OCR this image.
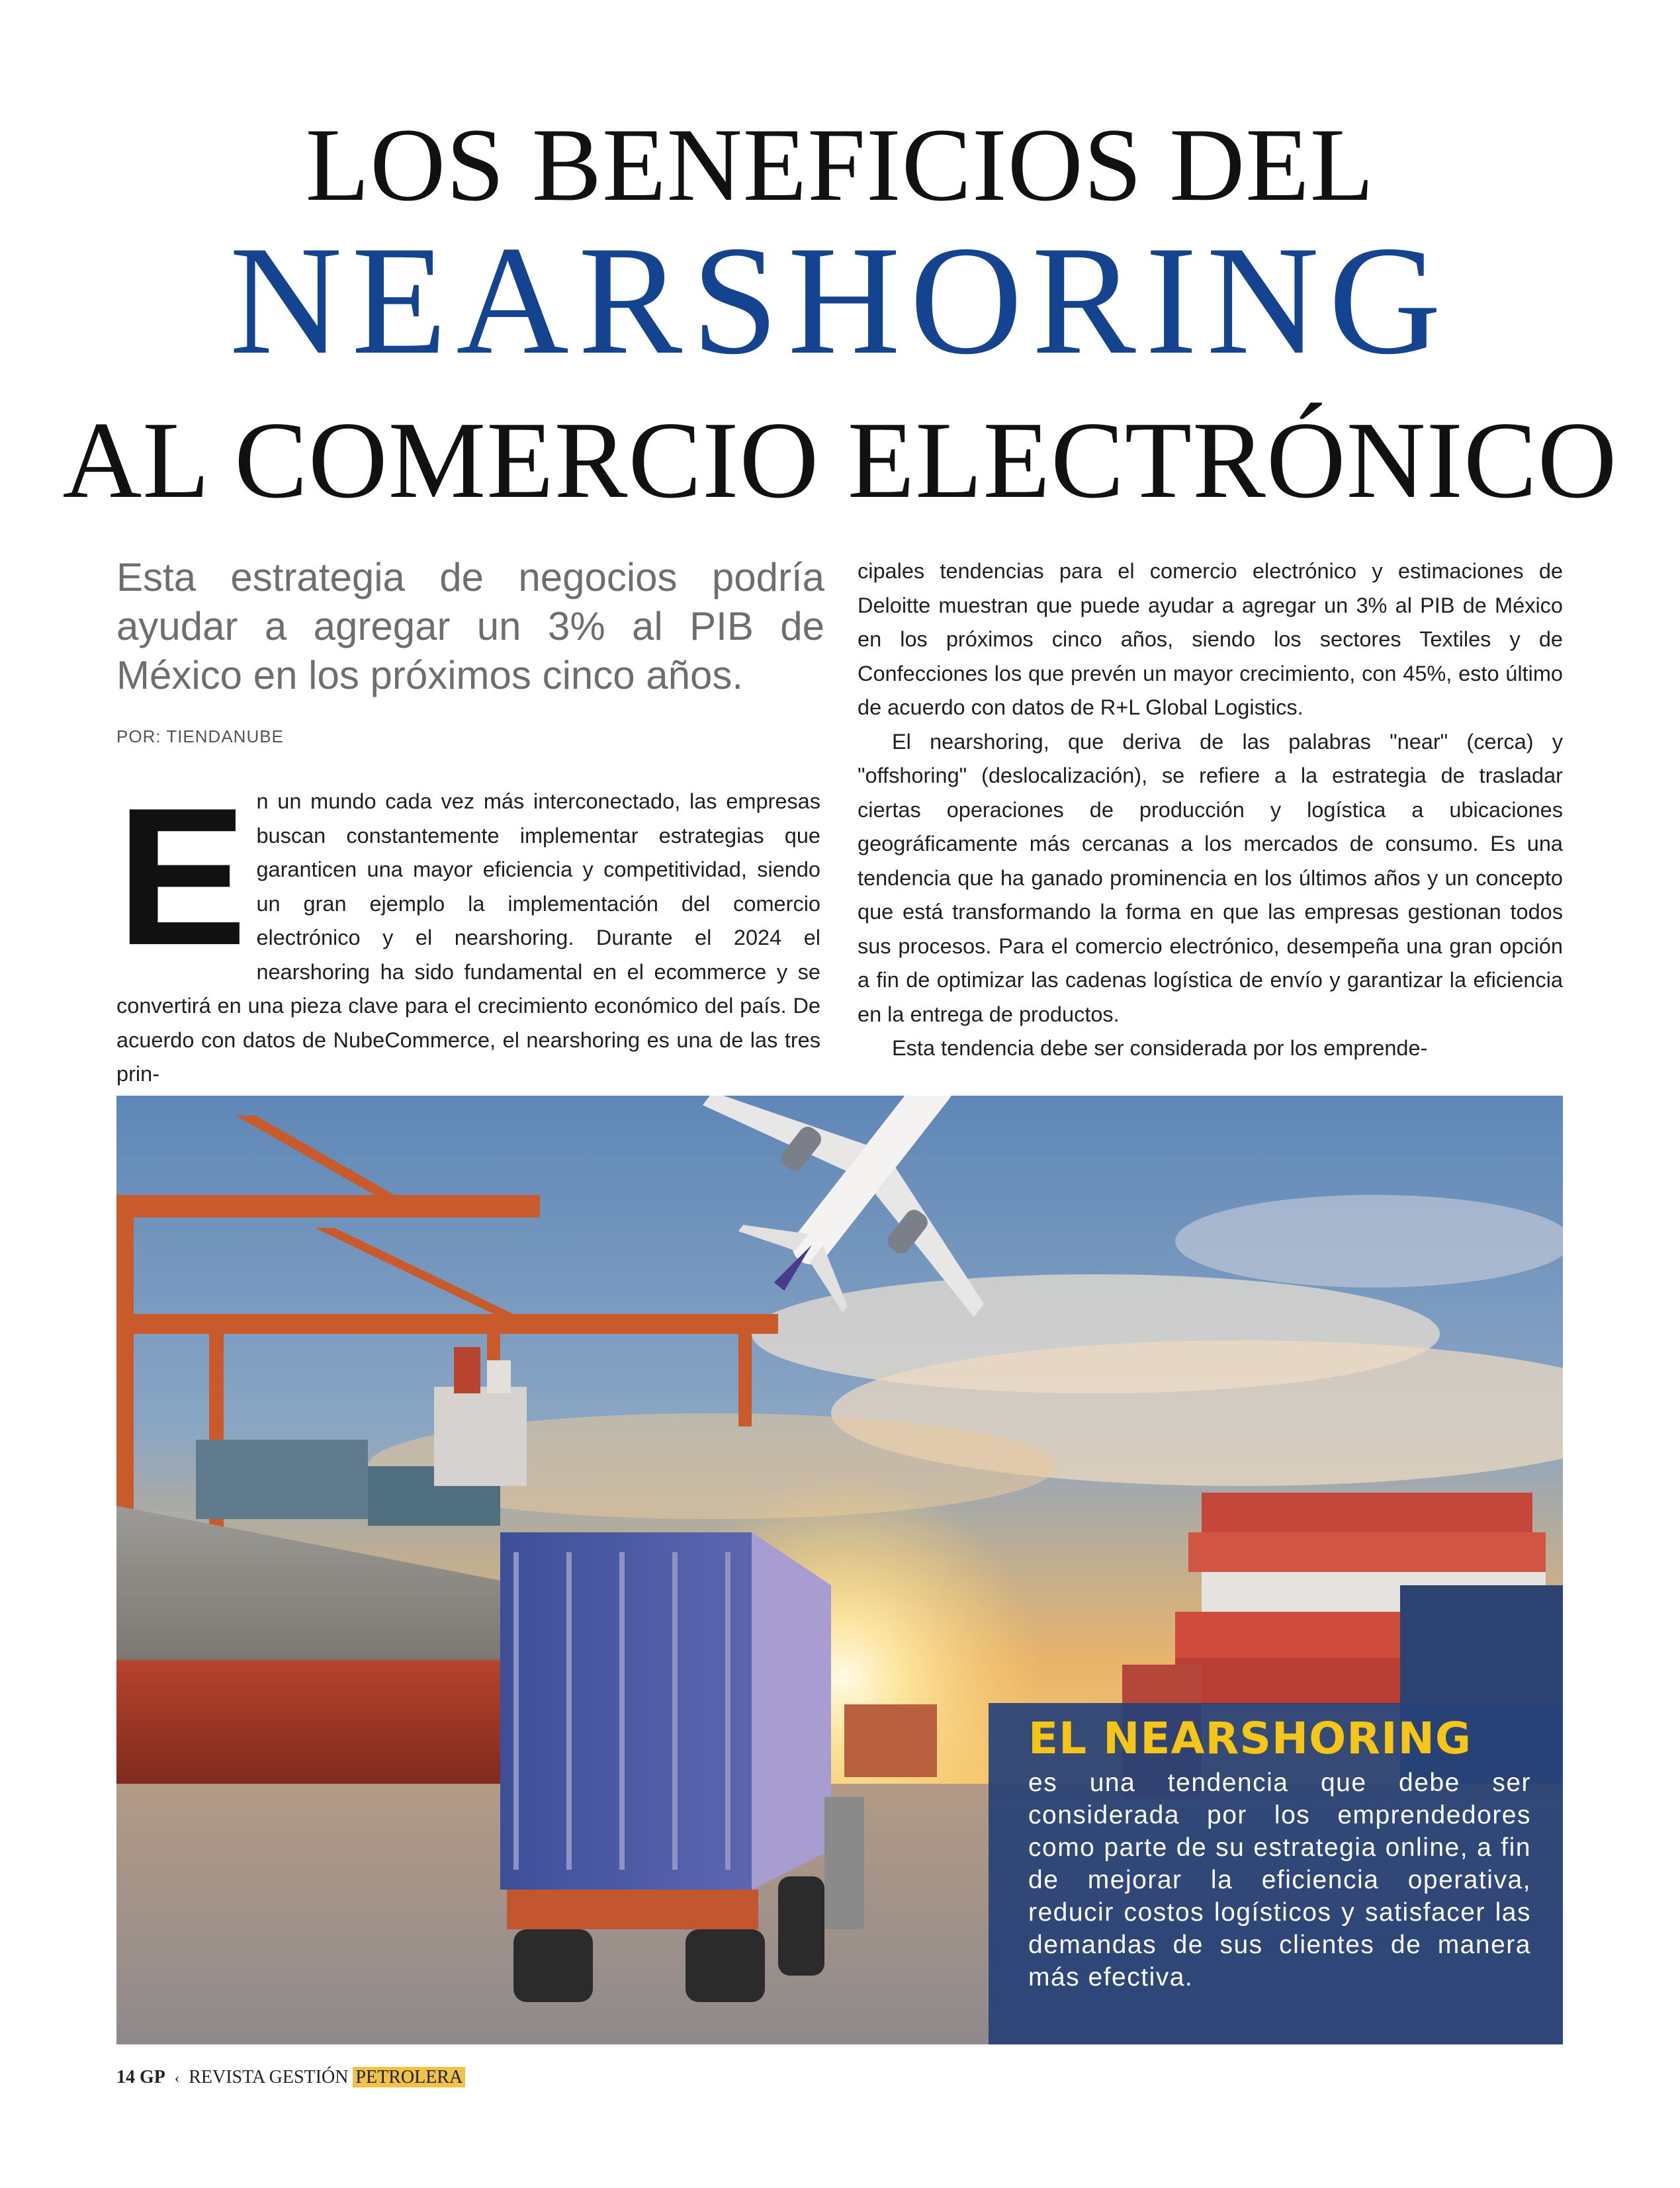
LOS BENEFICIOS DEL
NEARSHORING
AL COMERCIO ELECTRÓNICO
Esta estrategia de negocios podría ayudar a agregar un 3% al PIB de México en los próximos cinco años.
POR: TIENDANUBE
E n un mundo cada vez más interconectado, las empresas buscan constantemente implementar estrategias que garanticen una mayor eficiencia y competitividad, siendo un gran ejemplo la implementación del comercio electrónico y el nearshoring. Durante el 2024 el nearshoring ha sido fundamental en el ecommerce y se convertirá en una pieza clave para el crecimiento económico del país. De acuerdo con datos de NubeCommerce, el nearshoring es una de las tres prin-

cipales tendencias para el comercio electrónico y estimaciones de Deloitte muestran que puede ayudar a agregar un 3% al PIB de México en los próximos cinco años, siendo los sectores Textiles y de Confecciones los que prevén un mayor crecimiento, con 45%, esto último de acuerdo con datos de R+L Global Logistics.

El nearshoring, que deriva de las palabras "near" (cerca) y "offshoring" (deslocalización), se refiere a la estrategia de trasladar ciertas operaciones de producción y logística a ubicaciones geográficamente más cercanas a los mercados de consumo. Es una tendencia que ha ganado prominencia en los últimos años y un concepto que está transformando la forma en que las empresas gestionan todos sus procesos. Para el comercio electrónico, desempeña una gran opción a fin de optimizar las cadenas logística de envío y garantizar la eficiencia en la entrega de productos.

Esta tendencia debe ser considerada por los emprende-

EL NEARSHORING
es una tendencia que debe ser considerada por los emprendedores como parte de su estrategia online, a fin de mejorar la eficiencia operativa, reducir costos logísticos y satisfacer las demandas de sus clientes de manera más efectiva.
14 GP ‹ REVISTA GESTIÓN PETROLERA
